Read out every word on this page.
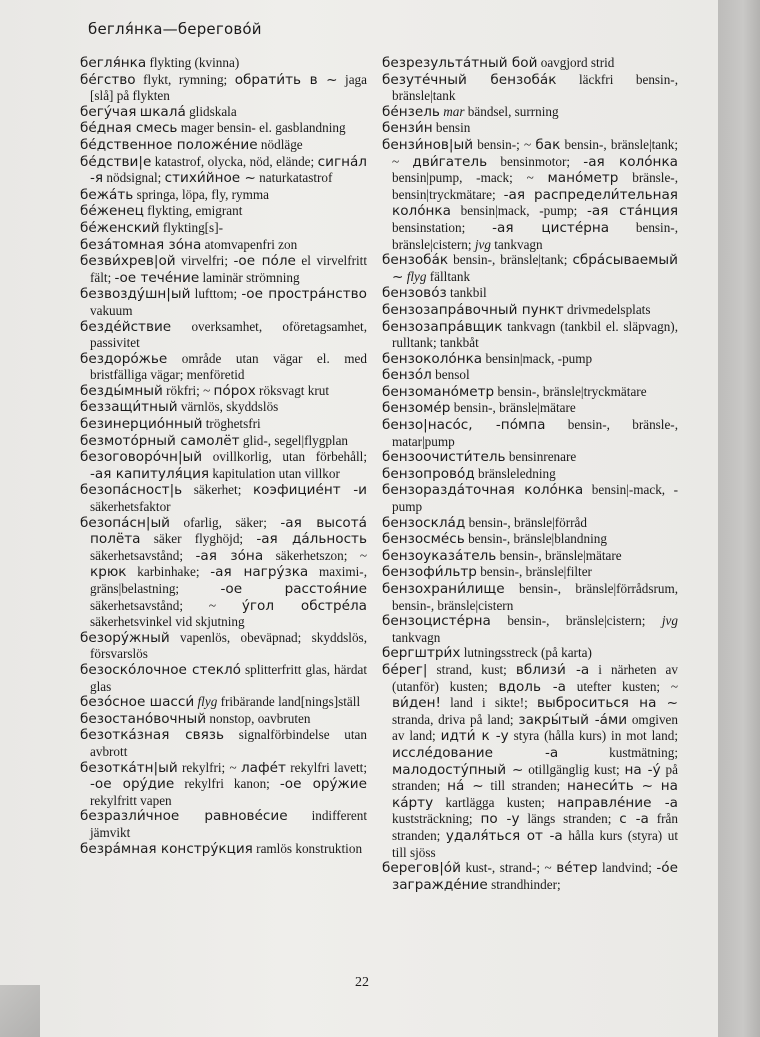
бегля́нка—берегово́й
бегля́нка flykting (kvinna)
бе́гство flykt, rymning; обрати́ть в ~ jaga [slå] på flykten
бегу́чая шкала́ glidskala
бе́дная смесь mager bensin- el. gasblandning
бе́дственное положе́ние nödläge
бе́дстви|е katastrof, olycka, nöd, elände; сигна́л -я nödsignal; стихи́йное ~ naturkatastrof
бежа́ть springa, löpa, fly, rymma
бе́женец flykting, emigrant
бе́женский flykting[s]-
беза́томная зо́на atomvapenfri zon
безви́хрев|ой virvelfri; -ое по́ле el virvelfritt fält; -ое тече́ние laminär strömning
безвозду́шн|ый lufttom; -ое простра́нство vakuum
безде́йствие overksamhet, oföretagsamhet, passivitet
бездоро́жье område utan vägar el. med bristfälliga vägar; menföretid
безды́мный rökfri; ~ по́рох röksvagt krut
беззащи́тный värnlös, skyddslös
безинерцио́нный tröghetsfri
безмото́рный самолёт glid-, segel|flygplan
безоговоро́чн|ый ovillkorlig, utan förbehåll; -ая капитуля́ция kapitulation utan villkor
безопа́сност|ь säkerhet; коэфицие́нт -и säkerhetsfaktor
безопа́сн|ый ofarlig, säker; -ая высота́ полёта säker flyghöjd; -ая да́льность säkerhetsavstånd; -ая зо́на säkerhetszon; ~ крюк karbinhake; -ая нагру́зка maximi-, gräns|belastning; -ое расстоя́ние säkerhetsavstånd; ~ у́гол обстре́ла säkerhetsvinkel vid skjutning
безору́жный vapenlös, obeväpnad; skyddslös, försvarslös
безоско́лочное стекло́ splitterfritt glas, härdat glas
безо́сное шасси́ flyg fribärande land[nings]ställ
безостано́вочный nonstop, oavbruten
безотка́зная связь signalförbindelse utan avbrott
безотка́тн|ый rekylfri; ~ лафе́т rekylfri lavett; -ое ору́дие rekylfri kanon; -ое ору́жие rekylfritt vapen
безразли́чное равнове́сие indifferent jämvikt
безра́мная констру́кция ramlös konstruktion
безрезульта́тный бой oavgjord strid
безуте́чный бензоба́к läckfri bensin-, bränsle|tank
бе́нзель mar bändsel, surrning
бензи́н bensin
бензи́нов|ый bensin-; ~ бак bensin-, bränsle|tank; ~ дви́гатель bensinmotor; -ая коло́нка bensin|pump, -mack; ~ мано́метр bränsle-, bensin|tryckmätare; -ая распредели́тельная коло́нка bensin|mack, -pump; -ая ста́нция bensinstation; -ая цисте́рна bensin-, bränsle|cistern; jvg tankvagn
бензоба́к bensin-, bränsle|tank; сбра́сываемый ~ flyg fälltank
бензово́з tankbil
бензозапра́вочный пункт drivmedelsplats
бензозапра́вщик tankvagn (tankbil el. släpvagn), rulltank; tankbåt
бензоколо́нка bensin|mack, -pump
бензо́л bensol
бензомано́метр bensin-, bränsle|tryckmätare
бензоме́р bensin-, bränsle|mätare
бензо|насо́с, -по́мпа bensin-, bränsle-, matar|pump
бензоочисти́тель bensinrenare
бензопрово́д bränsleledning
бензоразда́точная коло́нка bensin|-mack, -pump
бензоскла́д bensin-, bränsle|förråd
бензосме́сь bensin-, bränsle|blandning
бензоуказа́тель bensin-, bränsle|mätare
бензофи́льтр bensin-, bränsle|filter
бензохрани́лище bensin-, bränsle|förrådsrum, bensin-, bränsle|cistern
бензоцисте́рна bensin-, bränsle|cistern; jvg tankvagn
бергштри́х lutningsstreck (på karta)
бе́рег| strand, kust; вблизи́ -а i närheten av (utanför) kusten; вдоль -а utefter kusten; ~ ви́ден! land i sikte!; выброситься на ~ stranda, driva på land; закры́тый -а́ми omgiven av land; идти́ к -у styra (hålla kurs) in mot land; иссле́дование -а kustmätning; малодосту́пный ~ otillgänglig kust; на -у́ på stranden; на́ ~ till stranden; нанеси́ть ~ на ка́рту kartlägga kusten; направле́ние -а kuststräckning; по -у längs stranden; с -а från stranden; удаля́ться от -а hålla kurs (styra) ut till sjöss
берегов|о́й kust-, strand-; ~ ве́тер landvind; -о́е загражде́ние strandhinder;
22
